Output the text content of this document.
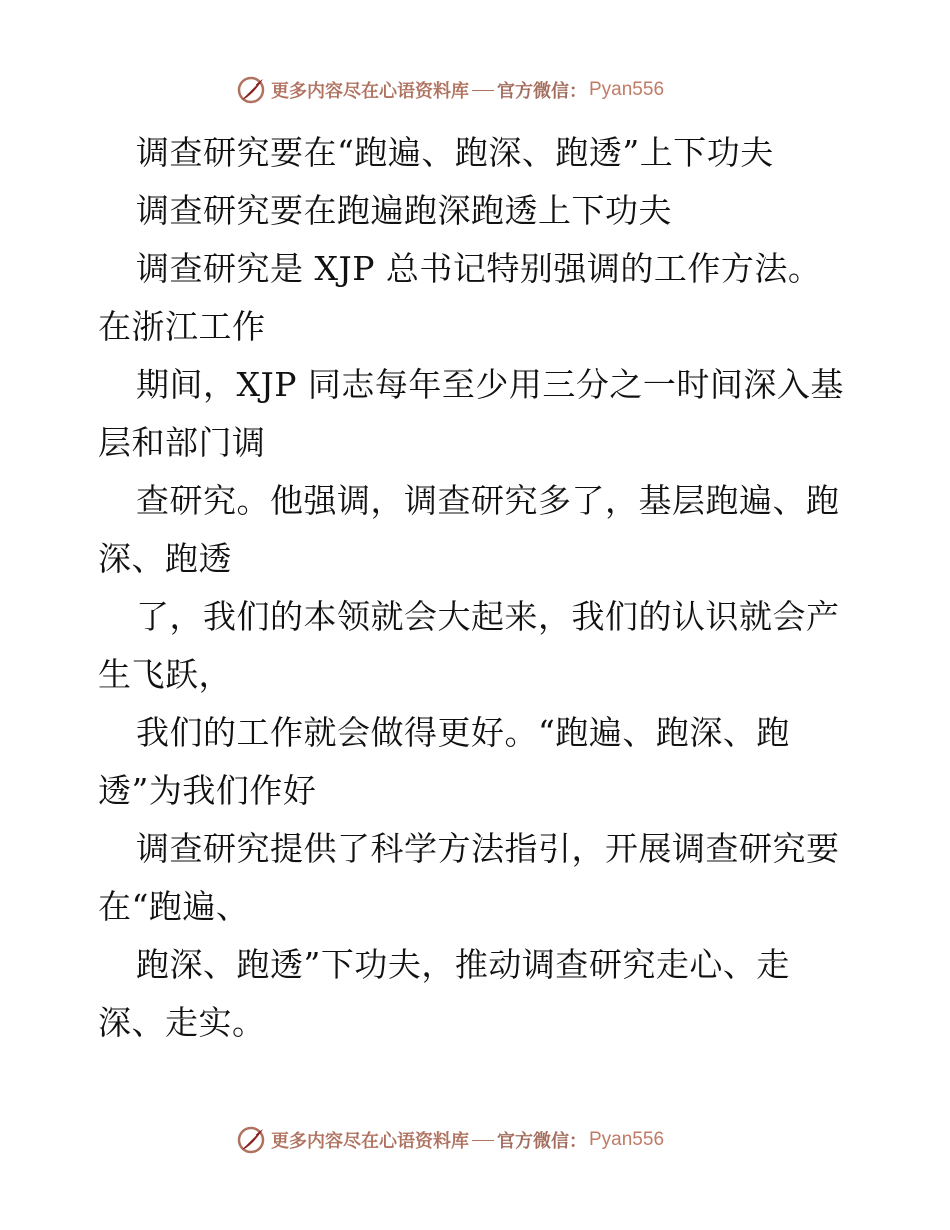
更多内容尽在心语资料库 官方微信： Pyan556
调查研究要在“跑遍、跑深、跑透”上下功夫
调查研究要在跑遍跑深跑透上下功夫
调查研究是 XJP 总书记特别强调的工作方法。
在浙江工作
期间，XJP 同志每年至少用三分之一时间深入基
层和部门调
查研究。他强调，调查研究多了，基层跑遍、跑
深、跑透
了，我们的本领就会大起来，我们的认识就会产
生飞跃，
我们的工作就会做得更好。“跑遍、跑深、跑
透”为我们作好
调查研究提供了科学方法指引，开展调查研究要
在“跑遍、
跑深、跑透”下功夫，推动调查研究走心、走
深、走实。
更多内容尽在心语资料库 官方微信： Pyan556
